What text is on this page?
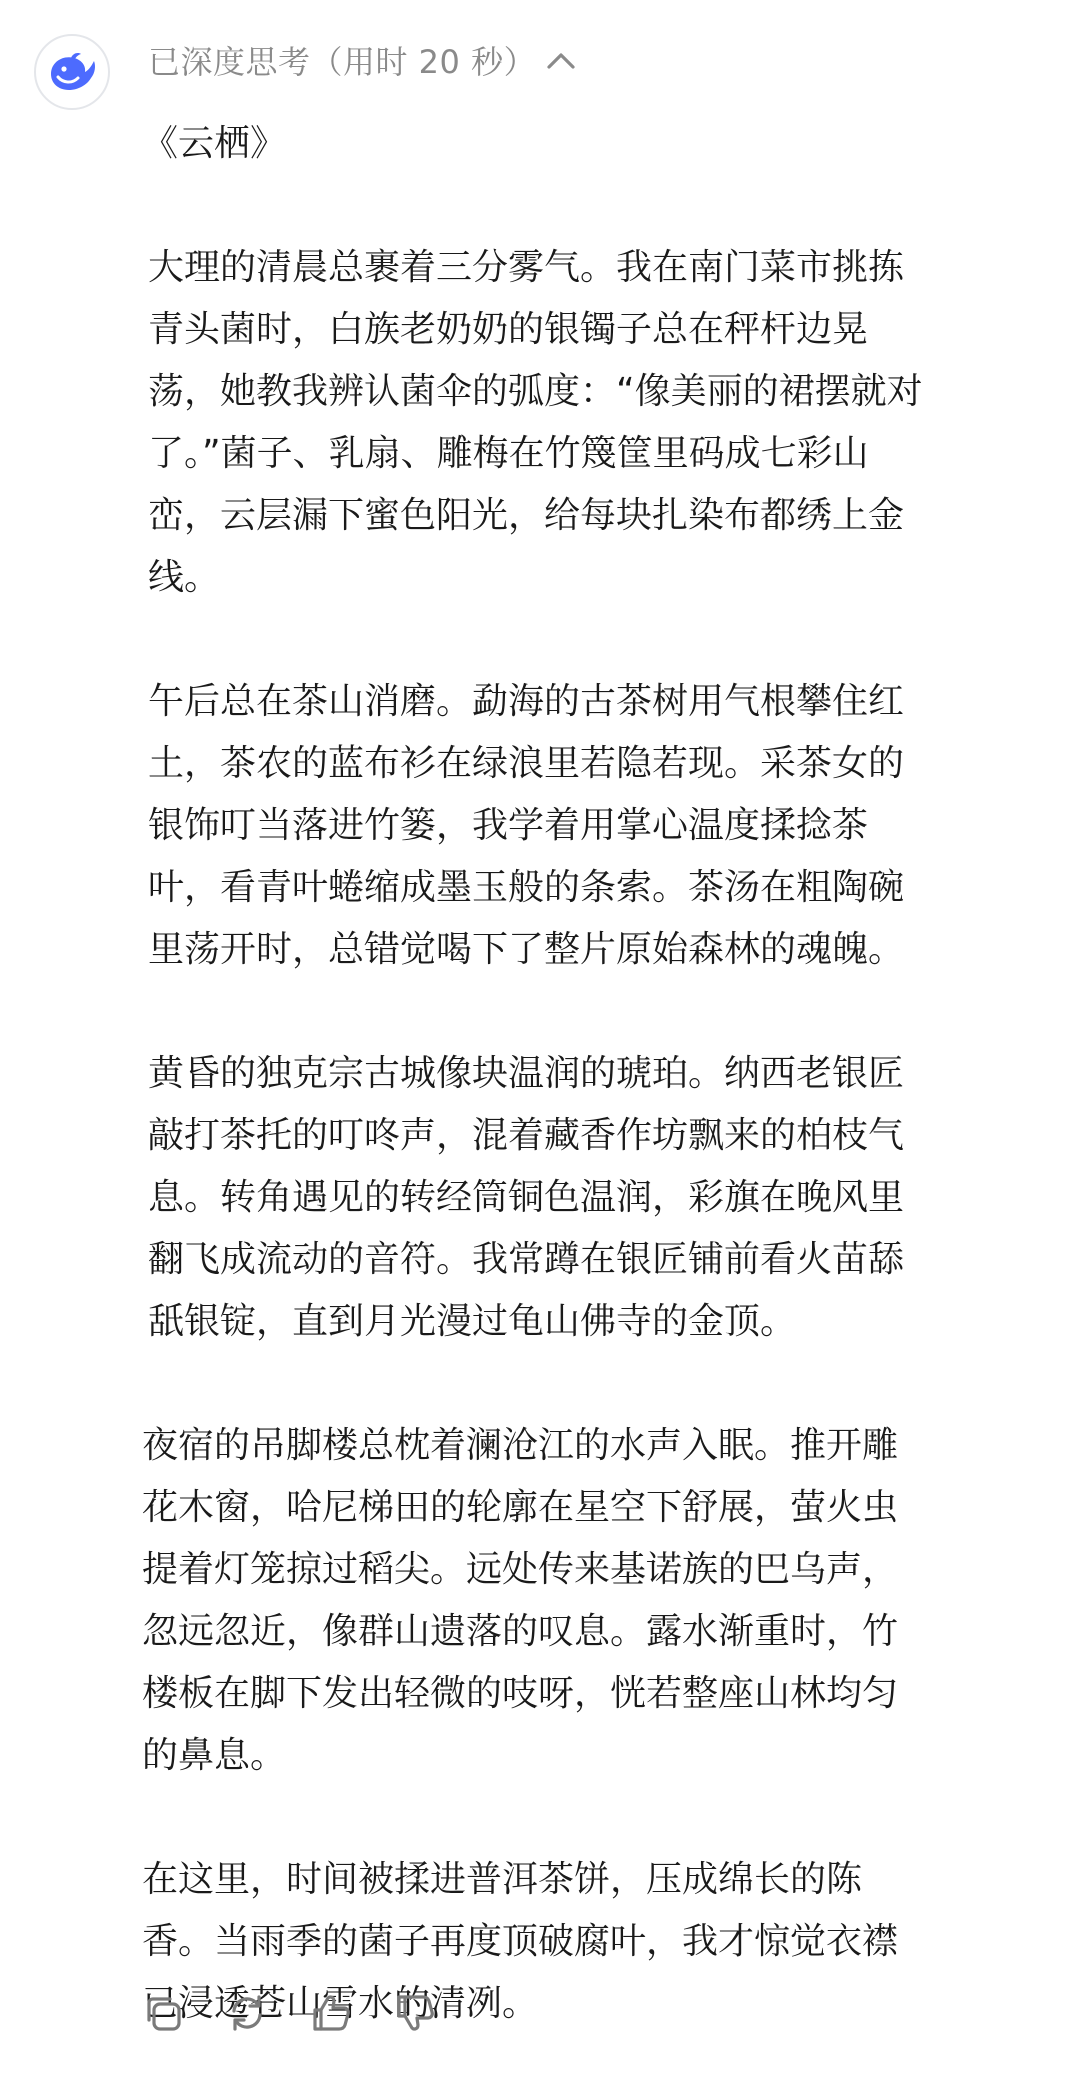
已深度思考（用时 20 秒）

《云栖》

大理的清晨总裹着三分雾气。我在南门菜市挑拣
青头菌时，白族老奶奶的银镯子总在秤杆边晃
荡，她教我辨认菌伞的弧度：“像美丽的裙摆就对
了。”菌子、乳扇、雕梅在竹篾筐里码成七彩山
峦，云层漏下蜜色阳光，给每块扎染布都绣上金
线。

午后总在茶山消磨。勐海的古茶树用气根攀住红
土，茶农的蓝布衫在绿浪里若隐若现。采茶女的
银饰叮当落进竹篓，我学着用掌心温度揉捻茶
叶，看青叶蜷缩成墨玉般的条索。茶汤在粗陶碗
里荡开时，总错觉喝下了整片原始森林的魂魄。

黄昏的独克宗古城像块温润的琥珀。纳西老银匠
敲打茶托的叮咚声，混着藏香作坊飘来的柏枝气
息。转角遇见的转经筒铜色温润，彩旗在晚风里
翻飞成流动的音符。我常蹲在银匠铺前看火苗舔
舐银锭，直到月光漫过龟山佛寺的金顶。

夜宿的吊脚楼总枕着澜沧江的水声入眠。推开雕
花木窗，哈尼梯田的轮廓在星空下舒展，萤火虫
提着灯笼掠过稻尖。远处传来基诺族的巴乌声，
忽远忽近，像群山遗落的叹息。露水渐重时，竹
楼板在脚下发出轻微的吱呀，恍若整座山林均匀
的鼻息。

在这里，时间被揉进普洱茶饼，压成绵长的陈
香。当雨季的菌子再度顶破腐叶，我才惊觉衣襟
已浸透苍山雪水的清冽。
